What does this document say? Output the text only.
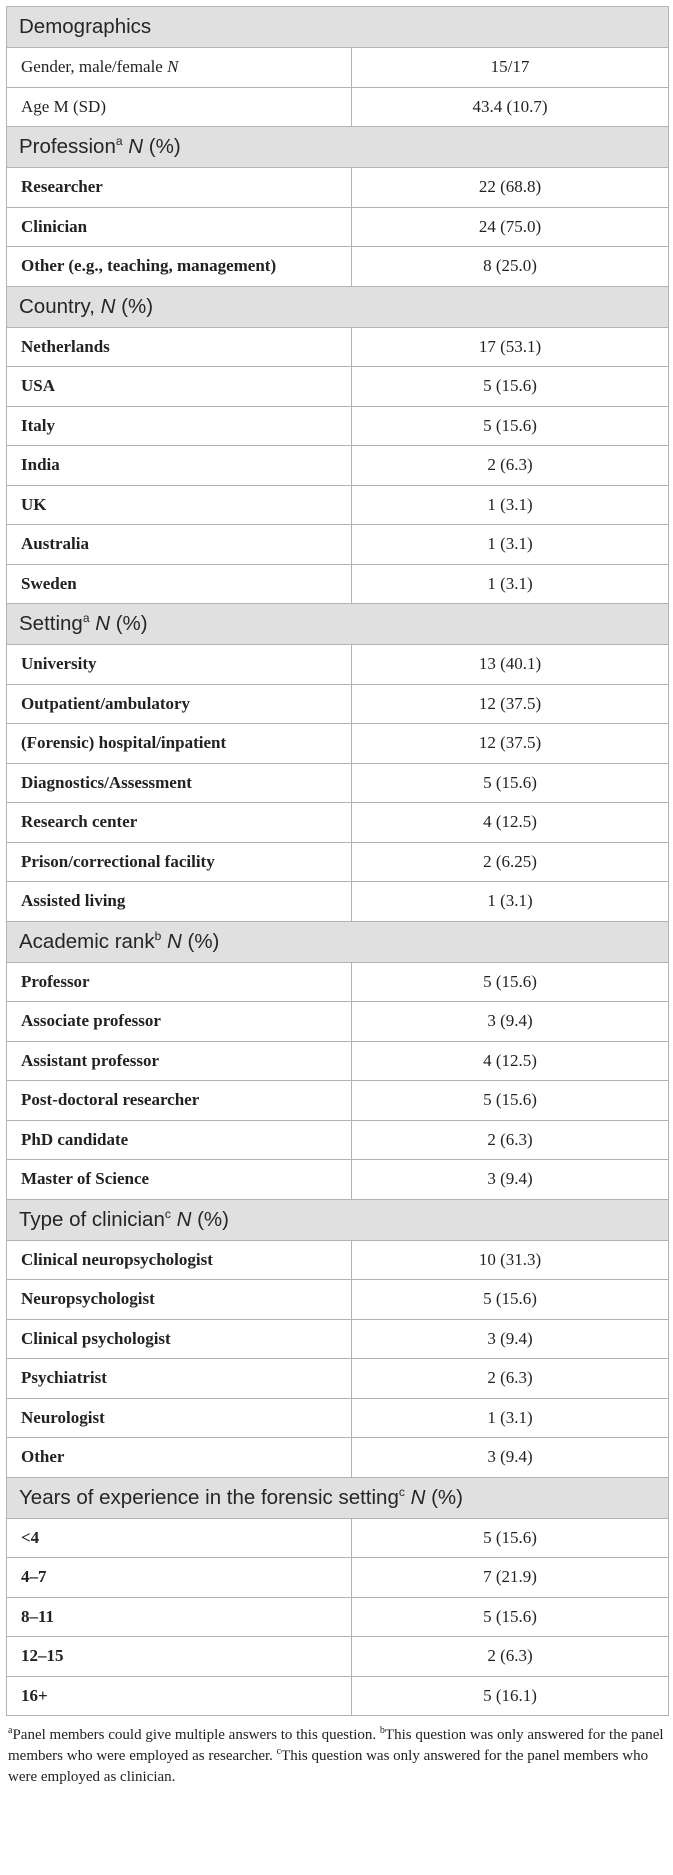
Demographics	
Gender, male/female N	15/17
Age M (SD)	43.4 (10.7)
Profession$^a$ N (%)	
Researcher	22 (68.8)
Clinician	24 (75.0)
Other (e.g., teaching, management)	8 (25.0)
Country, N (%)	
Netherlands	17 (53.1)
USA	5 (15.6)
Italy	5 (15.6)
India	2 (6.3)
UK	1 (3.1)
Australia	1 (3.1)
Sweden	1 (3.1)
Setting$^a$ N (%)	
University	13 (40.1)
Outpatient/ambulatory	12 (37.5)
(Forensic) hospital/inpatient	12 (37.5)
Diagnostics/Assessment	5 (15.6)
Research center	4 (12.5)
Prison/correctional facility	2 (6.25)
Assisted living	1 (3.1)
Academic rank$^b$ N (%)	
Professor	5 (15.6)
Associate professor	3 (9.4)
Assistant professor	4 (12.5)
Post-doctoral researcher	5 (15.6)
PhD candidate	2 (6.3)
Master of Science	3 (9.4)
Type of clinician$^c$ N (%)	
Clinical neuropsychologist	10 (31.3)
Neuropsychologist	5 (15.6)
Clinical psychologist	3 (9.4)
Psychiatrist	2 (6.3)
Neurologist	1 (3.1)
Other	3 (9.4)
Years of experience in the forensic setting$^c$ N (%)	
<4	5 (15.6)
4–7	7 (21.9)
8–11	5 (15.6)
12–15	2 (6.3)
16+	5 (16.1)
$^a$Panel members could give multiple answers to this question. $^b$This question was only answered for the panel members who were employed as researcher. $^c$This question was only answered for the panel members who were employed as clinician.
